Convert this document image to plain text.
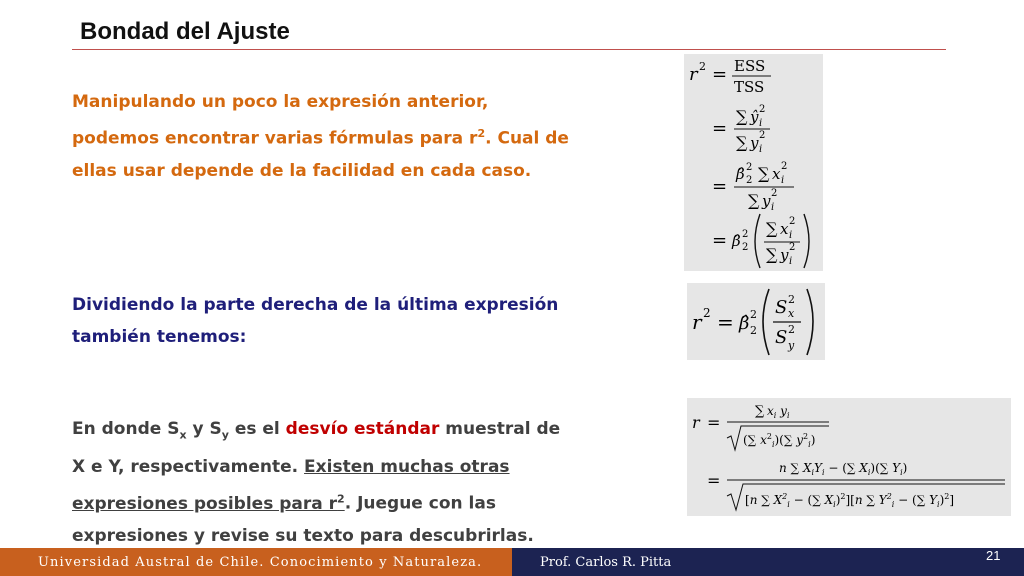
Bondad del Ajuste
Manipulando un poco la expresión anterior, podemos encontrar varias fórmulas para $r^2$. Cual de ellas usar depende de la facilidad en cada caso.
Dividiendo la parte derecha de la última expresión también tenemos:
En donde $S_x$ y $S_y$ es el desvío estándar muestral de X e Y, respectivamente. Existen muchas otras expresiones posibles para $r^2$. Juegue con las expresiones y revise su texto para descubrirlas.
r 2 = ESS
TSS
=
∑ ŷ 2
i
∑ y 2
i
=
β̂ 2
2 ∑ x 2
i
∑ y 2
i
= β̂ 2
2
∑ x 2
i
∑ y 2
i
r 2 = β̂ 2
2
S 2
x
S 2
y
r =
∑ $x_i$ $y_i$
(∑ $x^2_i)(\sum$ $y^2_i$)
=
n ∑ $X_iY_i$ − (∑ $X_i)(\sum$ $Y_i$)
[n ∑ $X^2_i$ − (∑ $X_i)^2][n$ ∑ $Y^2_i$ − (∑ $Y_i)^2$]
Universidad Austral de Chile. Conocimiento y Naturaleza.	Prof. Carlos R. Pitta	21
